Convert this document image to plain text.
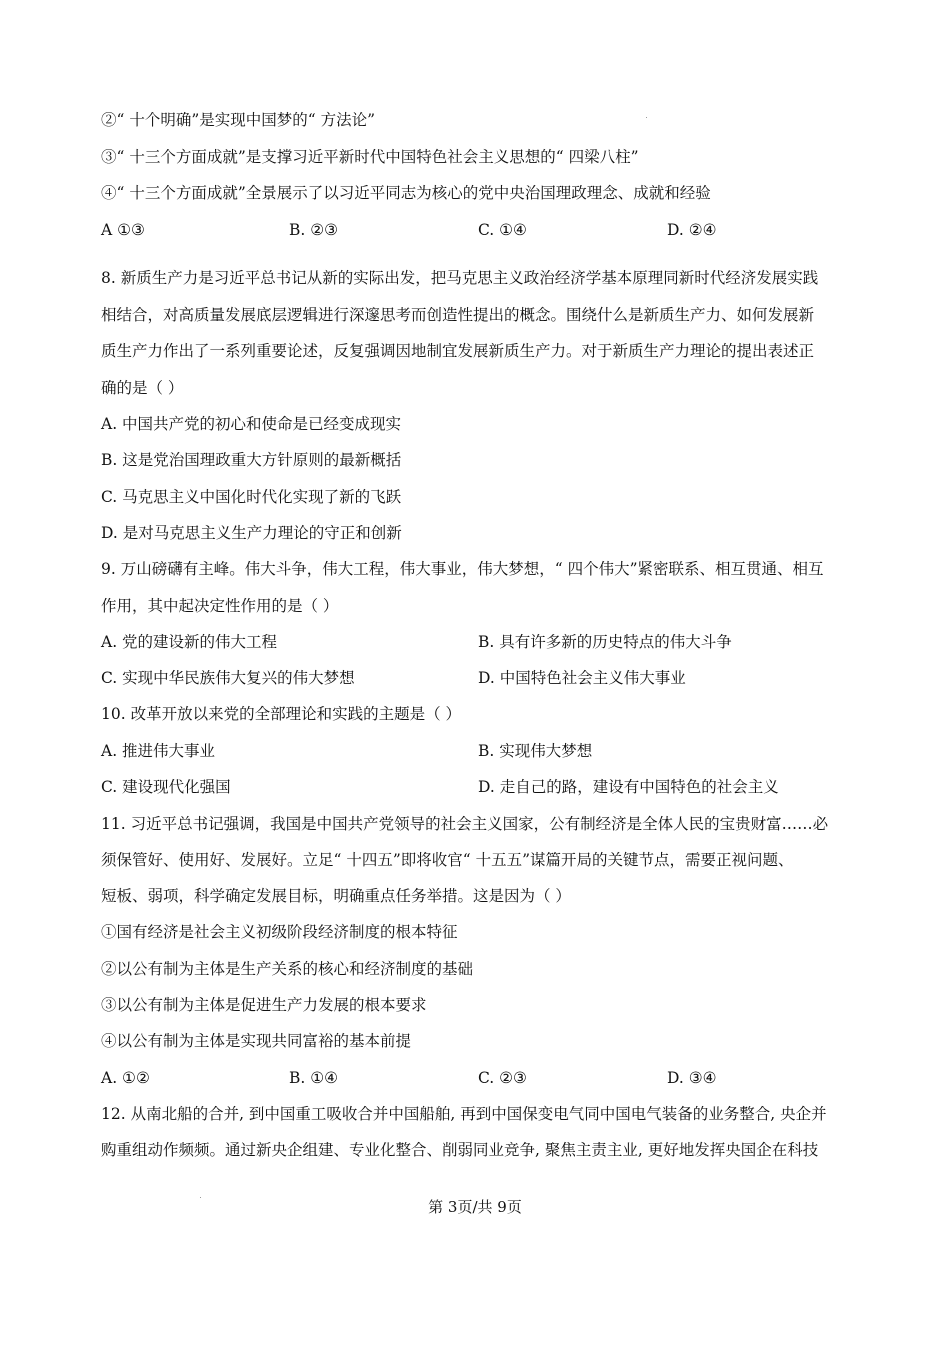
②“ 十个明确”是实现中国梦的“ 方法论”
③“ 十三个方面成就”是支撑习近平新时代中国特色社会主义思想的“ 四梁八柱”
④“ 十三个方面成就”全景展示了以习近平同志为核心的党中央治国理政理念、成就和经验
A ①③	B. ②③	C. ①④	D. ②④
8. 新质生产力是习近平总书记从新的实际出发，把马克思主义政治经济学基本原理同新时代经济发展实践
相结合，对高质量发展底层逻辑进行深邃思考而创造性提出的概念。围绕什么是新质生产力、如何发展新
质生产力作出了一系列重要论述，反复强调因地制宜发展新质生产力。对于新质生产力理论的提出表述正
确的是（ ）
A. 中国共产党的初心和使命是已经变成现实
B. 这是党治国理政重大方针原则的最新概括
C. 马克思主义中国化时代化实现了新的飞跃
D. 是对马克思主义生产力理论的守正和创新
9. 万山磅礴有主峰。伟大斗争，伟大工程，伟大事业，伟大梦想，“ 四个伟大”紧密联系、相互贯通、相互
作用，其中起决定性作用的是（ ）
A. 党的建设新的伟大工程	B. 具有许多新的历史特点的伟大斗争
C. 实现中华民族伟大复兴的伟大梦想	D. 中国特色社会主义伟大事业
10. 改革开放以来党的全部理论和实践的主题是（ ）
A. 推进伟大事业	B. 实现伟大梦想
C. 建设现代化强国	D. 走自己的路，建设有中国特色的社会主义
11. 习近平总书记强调，我国是中国共产党领导的社会主义国家，公有制经济是全体人民的宝贵财富……必
须保管好、使用好、发展好。立足“ 十四五”即将收官“ 十五五”谋篇开局的关键节点，需要正视问题、
短板、弱项，科学确定发展目标，明确重点任务举措。这是因为（ ）
①国有经济是社会主义初级阶段经济制度的根本特征
②以公有制为主体是生产关系的核心和经济制度的基础
③以公有制为主体是促进生产力发展的根本要求
④以公有制为主体是实现共同富裕的基本前提
A. ①②	B. ①④	C. ②③	D. ③④
12. 从南北船的合并, 到中国重工吸收合并中国船舶, 再到中国保变电气同中国电气装备的业务整合, 央企并
购重组动作频频。通过新央企组建、专业化整合、削弱同业竞争, 聚焦主责主业, 更好地发挥央国企在科技
第 3页/共 9页
